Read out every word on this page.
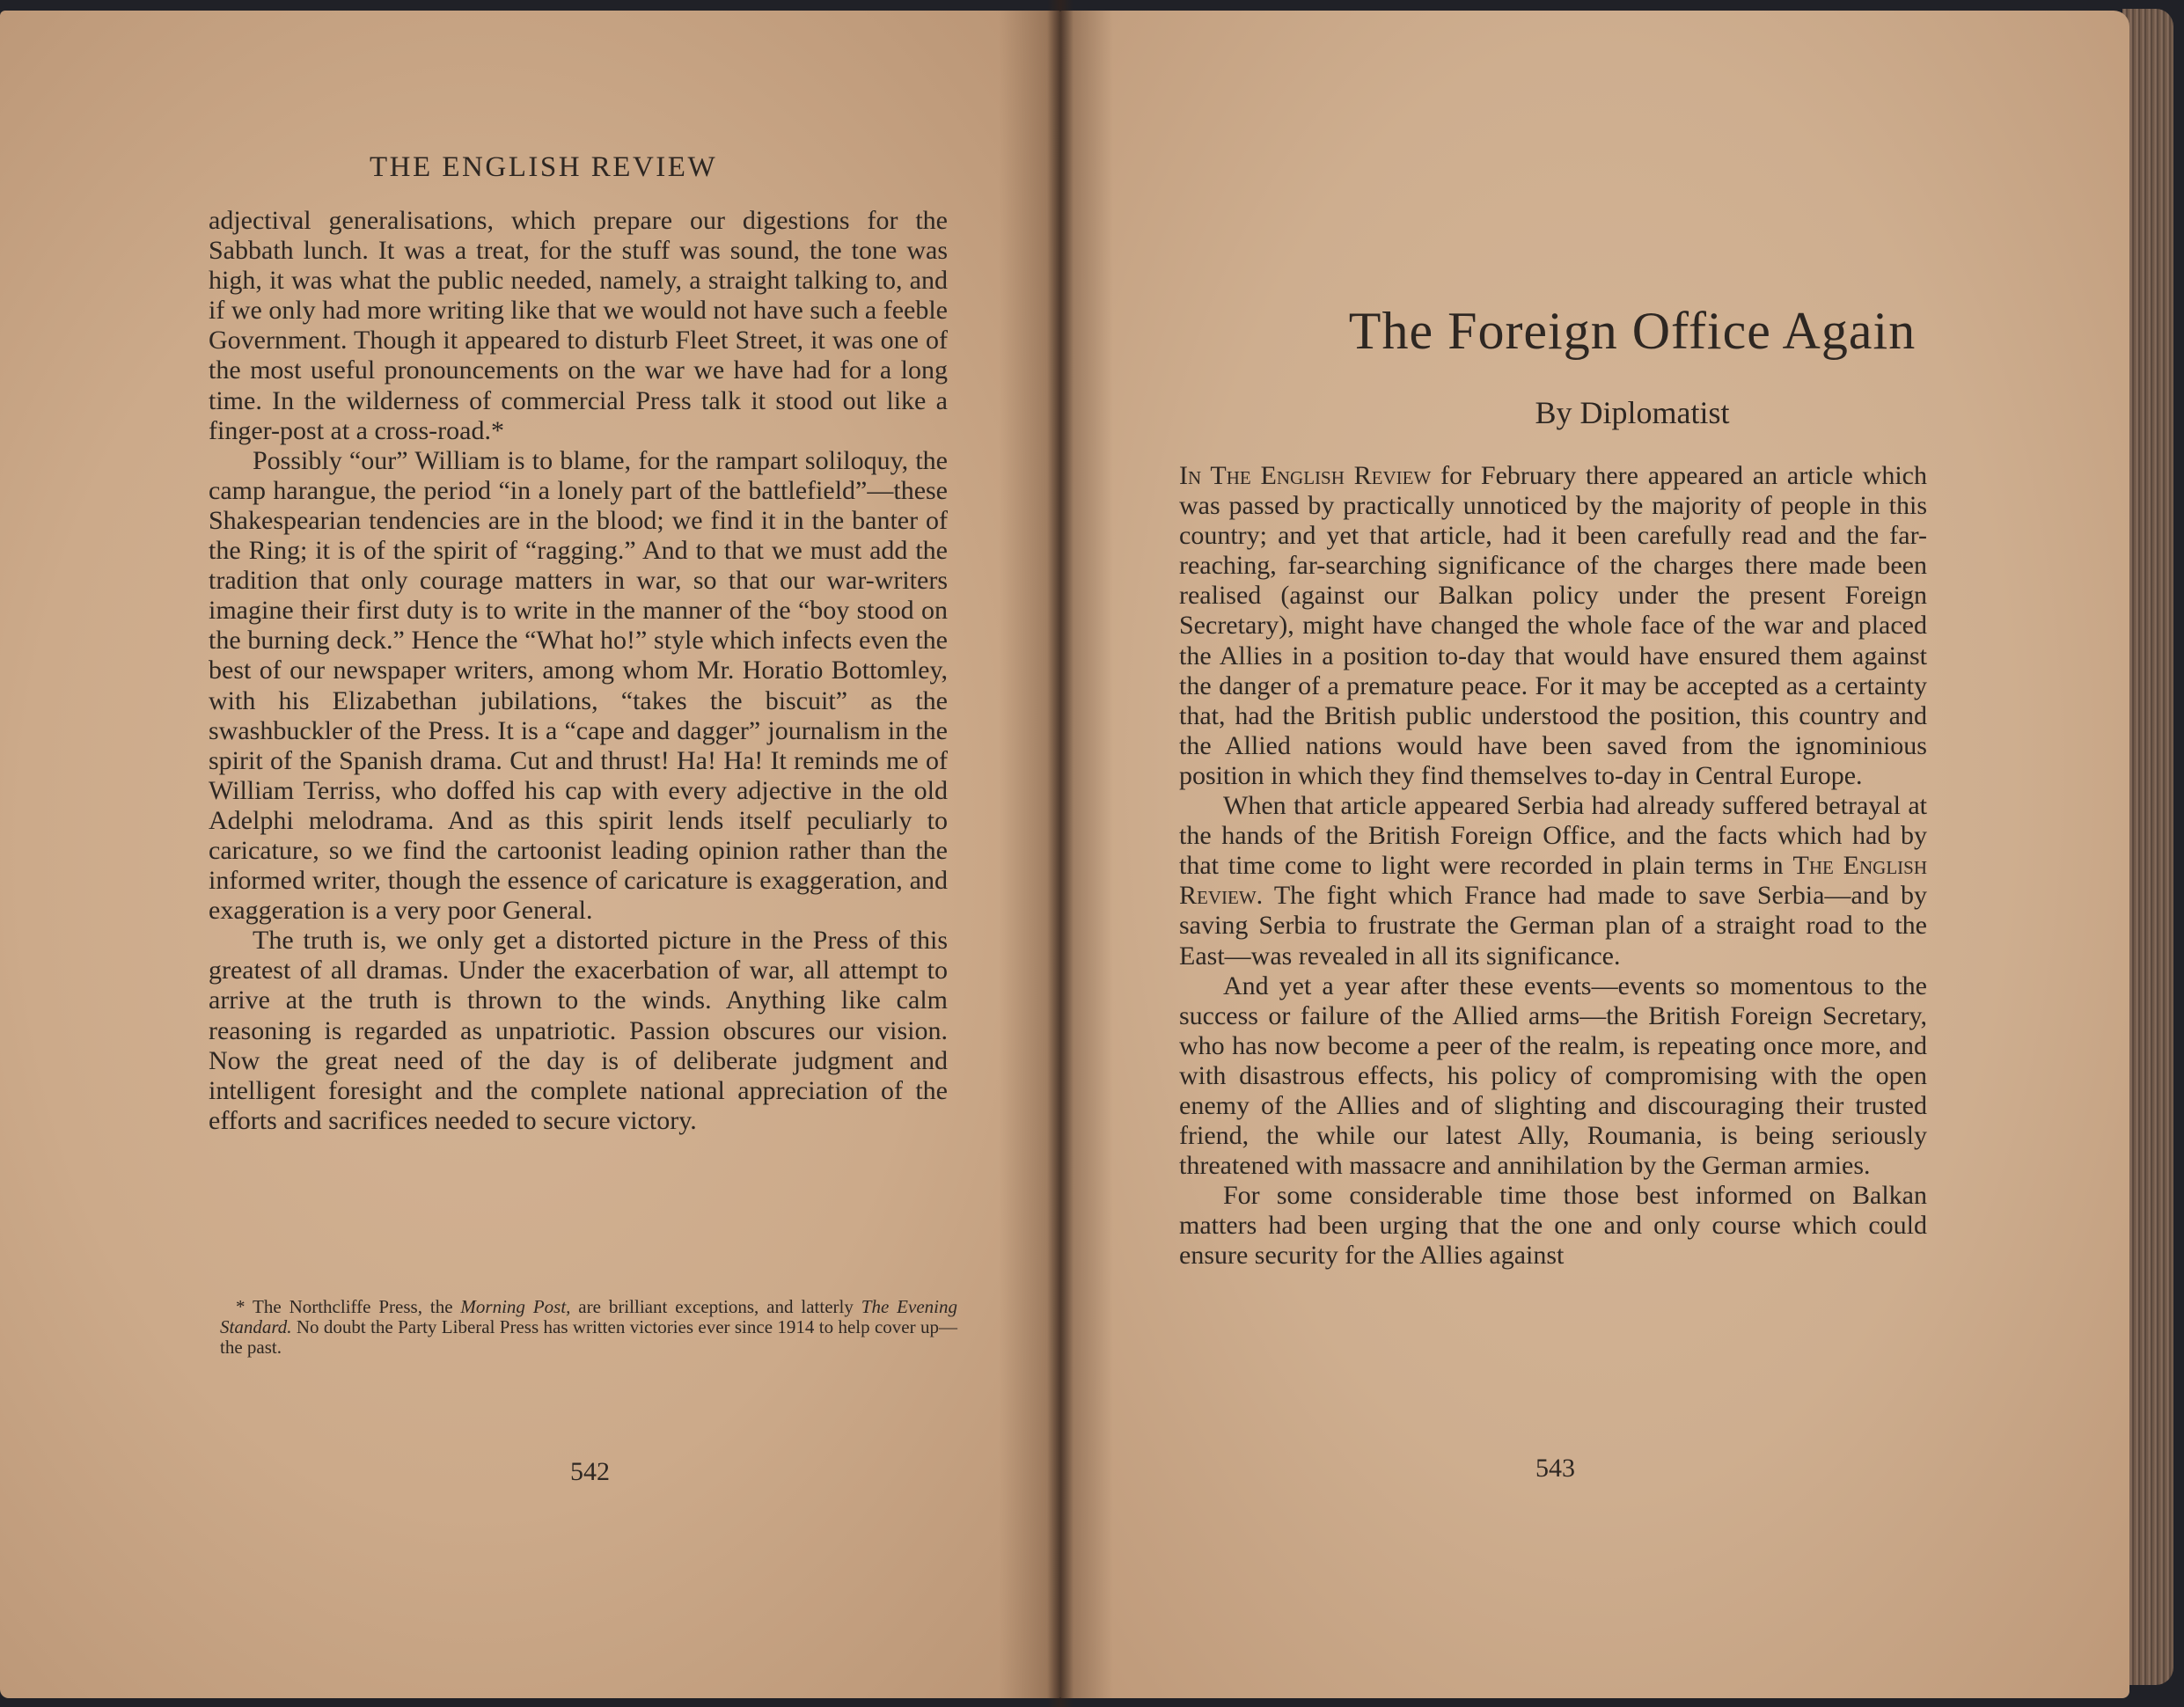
THE ENGLISH REVIEW

adjectival generalisations, which prepare our digestions for the Sabbath lunch. It was a treat, for the stuff was sound, the tone was high, it was what the public needed, namely, a straight talking to, and if we only had more writing like that we would not have such a feeble Government. Though it appeared to disturb Fleet Street, it was one of the most useful pronouncements on the war we have had for a long time. In the wilderness of commercial Press talk it stood out like a finger-post at a cross-road.*

Possibly “our” William is to blame, for the rampart soliloquy, the camp harangue, the period “in a lonely part of the battlefield”—these Shakespearian tendencies are in the blood; we find it in the banter of the Ring; it is of the spirit of “ragging.” And to that we must add the tradition that only courage matters in war, so that our war-writers imagine their first duty is to write in the manner of the “boy stood on the burning deck.” Hence the “What ho!” style which infects even the best of our newspaper writers, among whom Mr. Horatio Bottomley, with his Elizabethan jubilations, “takes the biscuit” as the swashbuckler of the Press. It is a “cape and dagger” journalism in the spirit of the Spanish drama. Cut and thrust! Ha! Ha! It reminds me of William Terriss, who doffed his cap with every adjective in the old Adelphi melodrama. And as this spirit lends itself peculiarly to caricature, so we find the cartoonist leading opinion rather than the informed writer, though the essence of caricature is exaggeration, and exaggeration is a very poor General.

The truth is, we only get a distorted picture in the Press of this greatest of all dramas. Under the exacerbation of war, all attempt to arrive at the truth is thrown to the winds. Anything like calm reasoning is regarded as unpatriotic. Passion obscures our vision. Now the great need of the day is of deliberate judgment and intelligent foresight and the complete national appreciation of the efforts and sacrifices needed to secure victory.

* The Northcliffe Press, the Morning Post, are brilliant exceptions, and latterly The Evening Standard. No doubt the Party Liberal Press has written victories ever since 1914 to help cover up—the past.
542
The Foreign Office Again
By Diplomatist

In The English Review for February there appeared an article which was passed by practically unnoticed by the majority of people in this country; and yet that article, had it been carefully read and the far-reaching, far-searching significance of the charges there made been realised (against our Balkan policy under the present Foreign Secretary), might have changed the whole face of the war and placed the Allies in a position to-day that would have ensured them against the danger of a premature peace. For it may be accepted as a certainty that, had the British public understood the position, this country and the Allied nations would have been saved from the ignominious position in which they find themselves to-day in Central Europe.

When that article appeared Serbia had already suffered betrayal at the hands of the British Foreign Office, and the facts which had by that time come to light were recorded in plain terms in The English Review. The fight which France had made to save Serbia—and by saving Serbia to frustrate the German plan of a straight road to the East—was revealed in all its significance.

And yet a year after these events—events so momentous to the success or failure of the Allied arms—the British Foreign Secretary, who has now become a peer of the realm, is repeating once more, and with disastrous effects, his policy of compromising with the open enemy of the Allies and of slighting and discouraging their trusted friend, the while our latest Ally, Roumania, is being seriously threatened with massacre and annihilation by the German armies.

For some considerable time those best informed on Balkan matters had been urging that the one and only course which could ensure security for the Allies against

543
